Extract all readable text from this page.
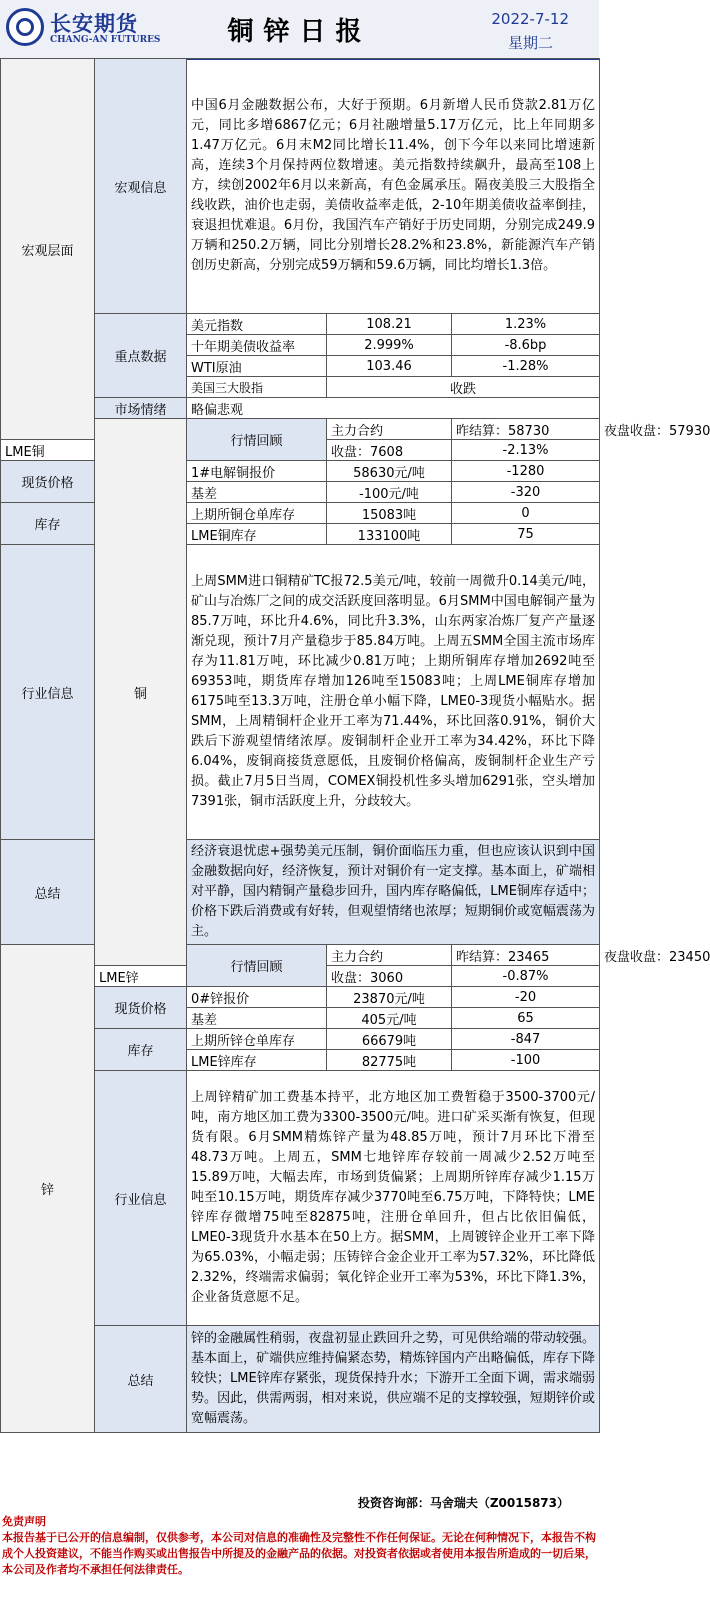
长安期货
CHANG-AN FUTURES	铜锌日报	2022-7-12
星期二
宏观层面	宏观信息	中国6月金融数据公布，大好于预期。6月新增人民币贷款2.81万亿元，同比多增6867亿元；6月社融增量5.17万亿元，比上年同期多1.47万亿元。6月末M2同比增长11.4%，创下今年以来同比增速新高，连续3个月保持两位数增速。美元指数持续飙升，最高至108上方，续创2002年6月以来新高，有色金属承压。隔夜美股三大股指全线收跌，油价也走弱，美债收益率走低，2-10年期美债收益率倒挂，衰退担忧难退。6月份，我国汽车产销好于历史同期，分别完成249.9万辆和250.2万辆，同比分别增长28.2%和23.8%，新能源汽车产销创历史新高，分别完成59万辆和59.6万辆，同比均增长1.3倍。			
	重点数据	美元指数	108.21	1.23%	
		十年期美债收益率	2.999%	-8.6bp	
		WTI原油	103.46	-1.28%	
		美国三大股指	收跌		
	市场情绪	略偏悲观			
	铜	行情回顾	主力合约	昨结算：58730	夜盘收盘：57930
LME铜			收盘：7608	-2.13%	
现货价格		1#电解铜报价	58630元/吨	-1280	
		基差	-100元/吨	-320	
库存		上期所铜仓单库存	15083吨	0	
		LME铜库存	133100吨	75	
行业信息		上周SMM进口铜精矿TC报72.5美元/吨，较前一周微升0.14美元/吨，矿山与冶炼厂之间的成交活跃度回落明显。6月SMM中国电解铜产量为85.7万吨，环比升4.6%，同比升3.3%，山东两家冶炼厂复产产量逐渐兑现，预计7月产量稳步于85.84万吨。上周五SMM全国主流市场库存为11.81万吨，环比减少0.81万吨；上期所铜库存增加2692吨至69353吨，期货库存增加126吨至15083吨；上周LME铜库存增加6175吨至13.3万吨，注册仓单小幅下降，LME0-3现货小幅贴水。据SMM，上周精铜杆企业开工率为71.44%，环比回落0.91%，铜价大跌后下游观望情绪浓厚。废铜制杆企业开工率为34.42%，环比下降6.04%，废铜商接货意愿低，且废铜价格偏高，废铜制杆企业生产亏损。截止7月5日当周，COMEX铜投机性多头增加6291张，空头增加7391张，铜市活跃度上升，分歧较大。			
总结		经济衰退忧虑+强势美元压制，铜价面临压力重，但也应该认识到中国金融数据向好，经济恢复，预计对铜价有一定支撑。基本面上，矿端相对平静，国内精铜产量稳步回升，国内库存略偏低，LME铜库存适中；价格下跌后消费或有好转，但观望情绪也浓厚；短期铜价或宽幅震荡为主。			
锌		行情回顾	主力合约	昨结算：23465	夜盘收盘：23450
	LME锌		收盘：3060	-0.87%	
	现货价格	0#锌报价	23870元/吨	-20	
		基差	405元/吨	65	
	库存	上期所锌仓单库存	66679吨	-847	
		LME锌库存	82775吨	-100	
	行业信息	上周锌精矿加工费基本持平，北方地区加工费暂稳于3500-3700元/吨，南方地区加工费为3300-3500元/吨。进口矿采买渐有恢复，但现货有限。6月SMM精炼锌产量为48.85万吨，预计7月环比下滑至48.73万吨。上周五，SMM七地锌库存较前一周减少2.52万吨至15.89万吨，大幅去库，市场到货偏紧；上周期所锌库存减少1.15万吨至10.15万吨，期货库存减少3770吨至6.75万吨，下降特快；LME锌库存微增75吨至82875吨，注册仓单回升，但占比依旧偏低，LME0-3现货升水基本在50上方。据SMM，上周镀锌企业开工率下降为65.03%，小幅走弱；压铸锌合金企业开工率为57.32%，环比降低2.32%，终端需求偏弱；氧化锌企业开工率为53%，环比下降1.3%，企业备货意愿不足。			
	总结	锌的金融属性稍弱，夜盘初显止跌回升之势，可见供给端的带动较强。基本面上，矿端供应维持偏紧态势，精炼锌国内产出略偏低，库存下降较快；LME锌库存紧张，现货保持升水；下游开工全面下调，需求端弱势。因此，供需两弱，相对来说，供应端不足的支撑较强，短期锌价或宽幅震荡。			
投资咨询部：马舍瑞夫（Z0015873）
免责声明
本报告基于已公开的信息编制，仅供参考，本公司对信息的准确性及完整性不作任何保证。无论在何种情况下，本报告不构成个人投资建议，不能当作购买或出售报告中所提及的金融产品的依据。对投资者依据或者使用本报告所造成的一切后果，本公司及作者均不承担任何法律责任。
